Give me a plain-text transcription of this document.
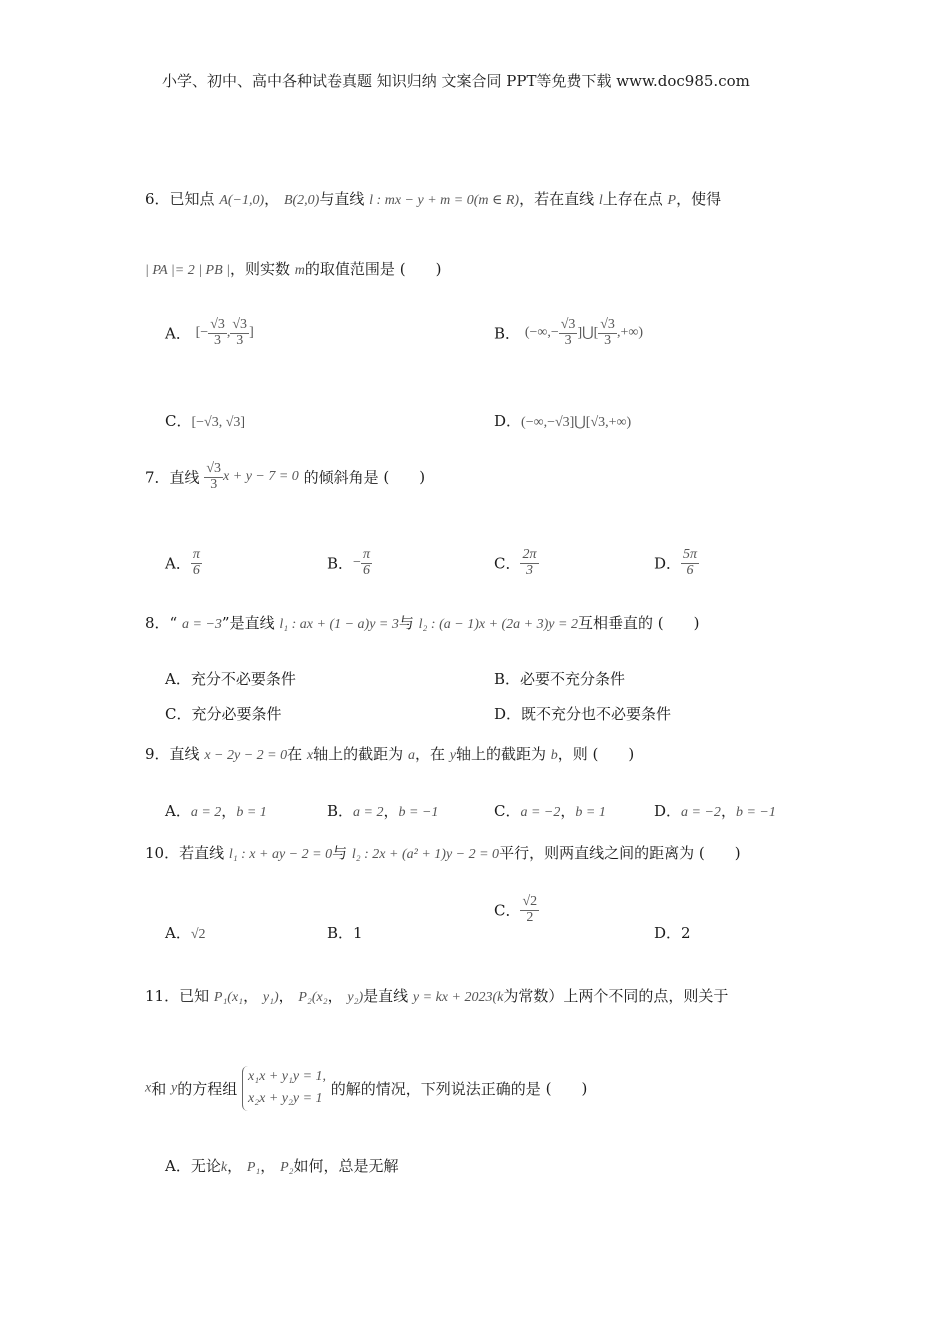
小学、初中、高中各种试卷真题 知识归纳 文案合同 PPT等免费下载 www.doc985.com
6．已知点 A(−1,0)， B(2,0)与直线 l : mx − y + m = 0(m ∈ R)，若在直线 l上存在点 P，使得
| PA |= 2 | PB |，则实数 m的取值范围是 ( )
A． [− $\frac{√3}{3}$ , $\frac{√3}{3}$ ]	B． (−∞,− $\frac{√3}{3}$ ]⋃[ $\frac{√3}{3}$ ,+∞)
C．[−√3, √3]	D．(−∞,−√3]⋃[√3,+∞)
7．直线 $\frac{√3}{3}$ x + y − 7 = 0 的倾斜角是 ( )
A． $\frac{\pi}{6}$	B．− $\frac{\pi}{6}$	C． $\frac{2\pi}{3}$	D． $\frac{5\pi}{6}$
8．“ a = −3”是直线 l₁ : ax + (1 − a)y = 3与 l₂ : (a − 1)x + (2a + 3)y = 2互相垂直的 ( )
A．充分不必要条件	B．必要不充分条件
C．充分必要条件	D．既不充分也不必要条件
9．直线 x − 2y − 2 = 0在 x轴上的截距为 a，在 y轴上的截距为 b，则 ( )
A．a = 2，b = 1	B．a = 2，b = −1	C．a = −2，b = 1	D．a = −2，b = −1
10．若直线 l₁ : x + ay − 2 = 0与 l₂ : 2x + (a² + 1)y − 2 = 0平行，则两直线之间的距离为 ( )
A．√2	B．1
C． $\frac{√2}{2}$
D．2
11．已知 P₁(x₁， y₁)， P₂(x₂， y₂)是直线 y = kx + 2023(k为常数）上两个不同的点，则关于
x和 y的方程组 x₁x + y₁y = 1,
x₂x + y₂y = 1 的解的情况，下列说法正确的是 ( )
A．无论k， P₁， P₂如何，总是无解
